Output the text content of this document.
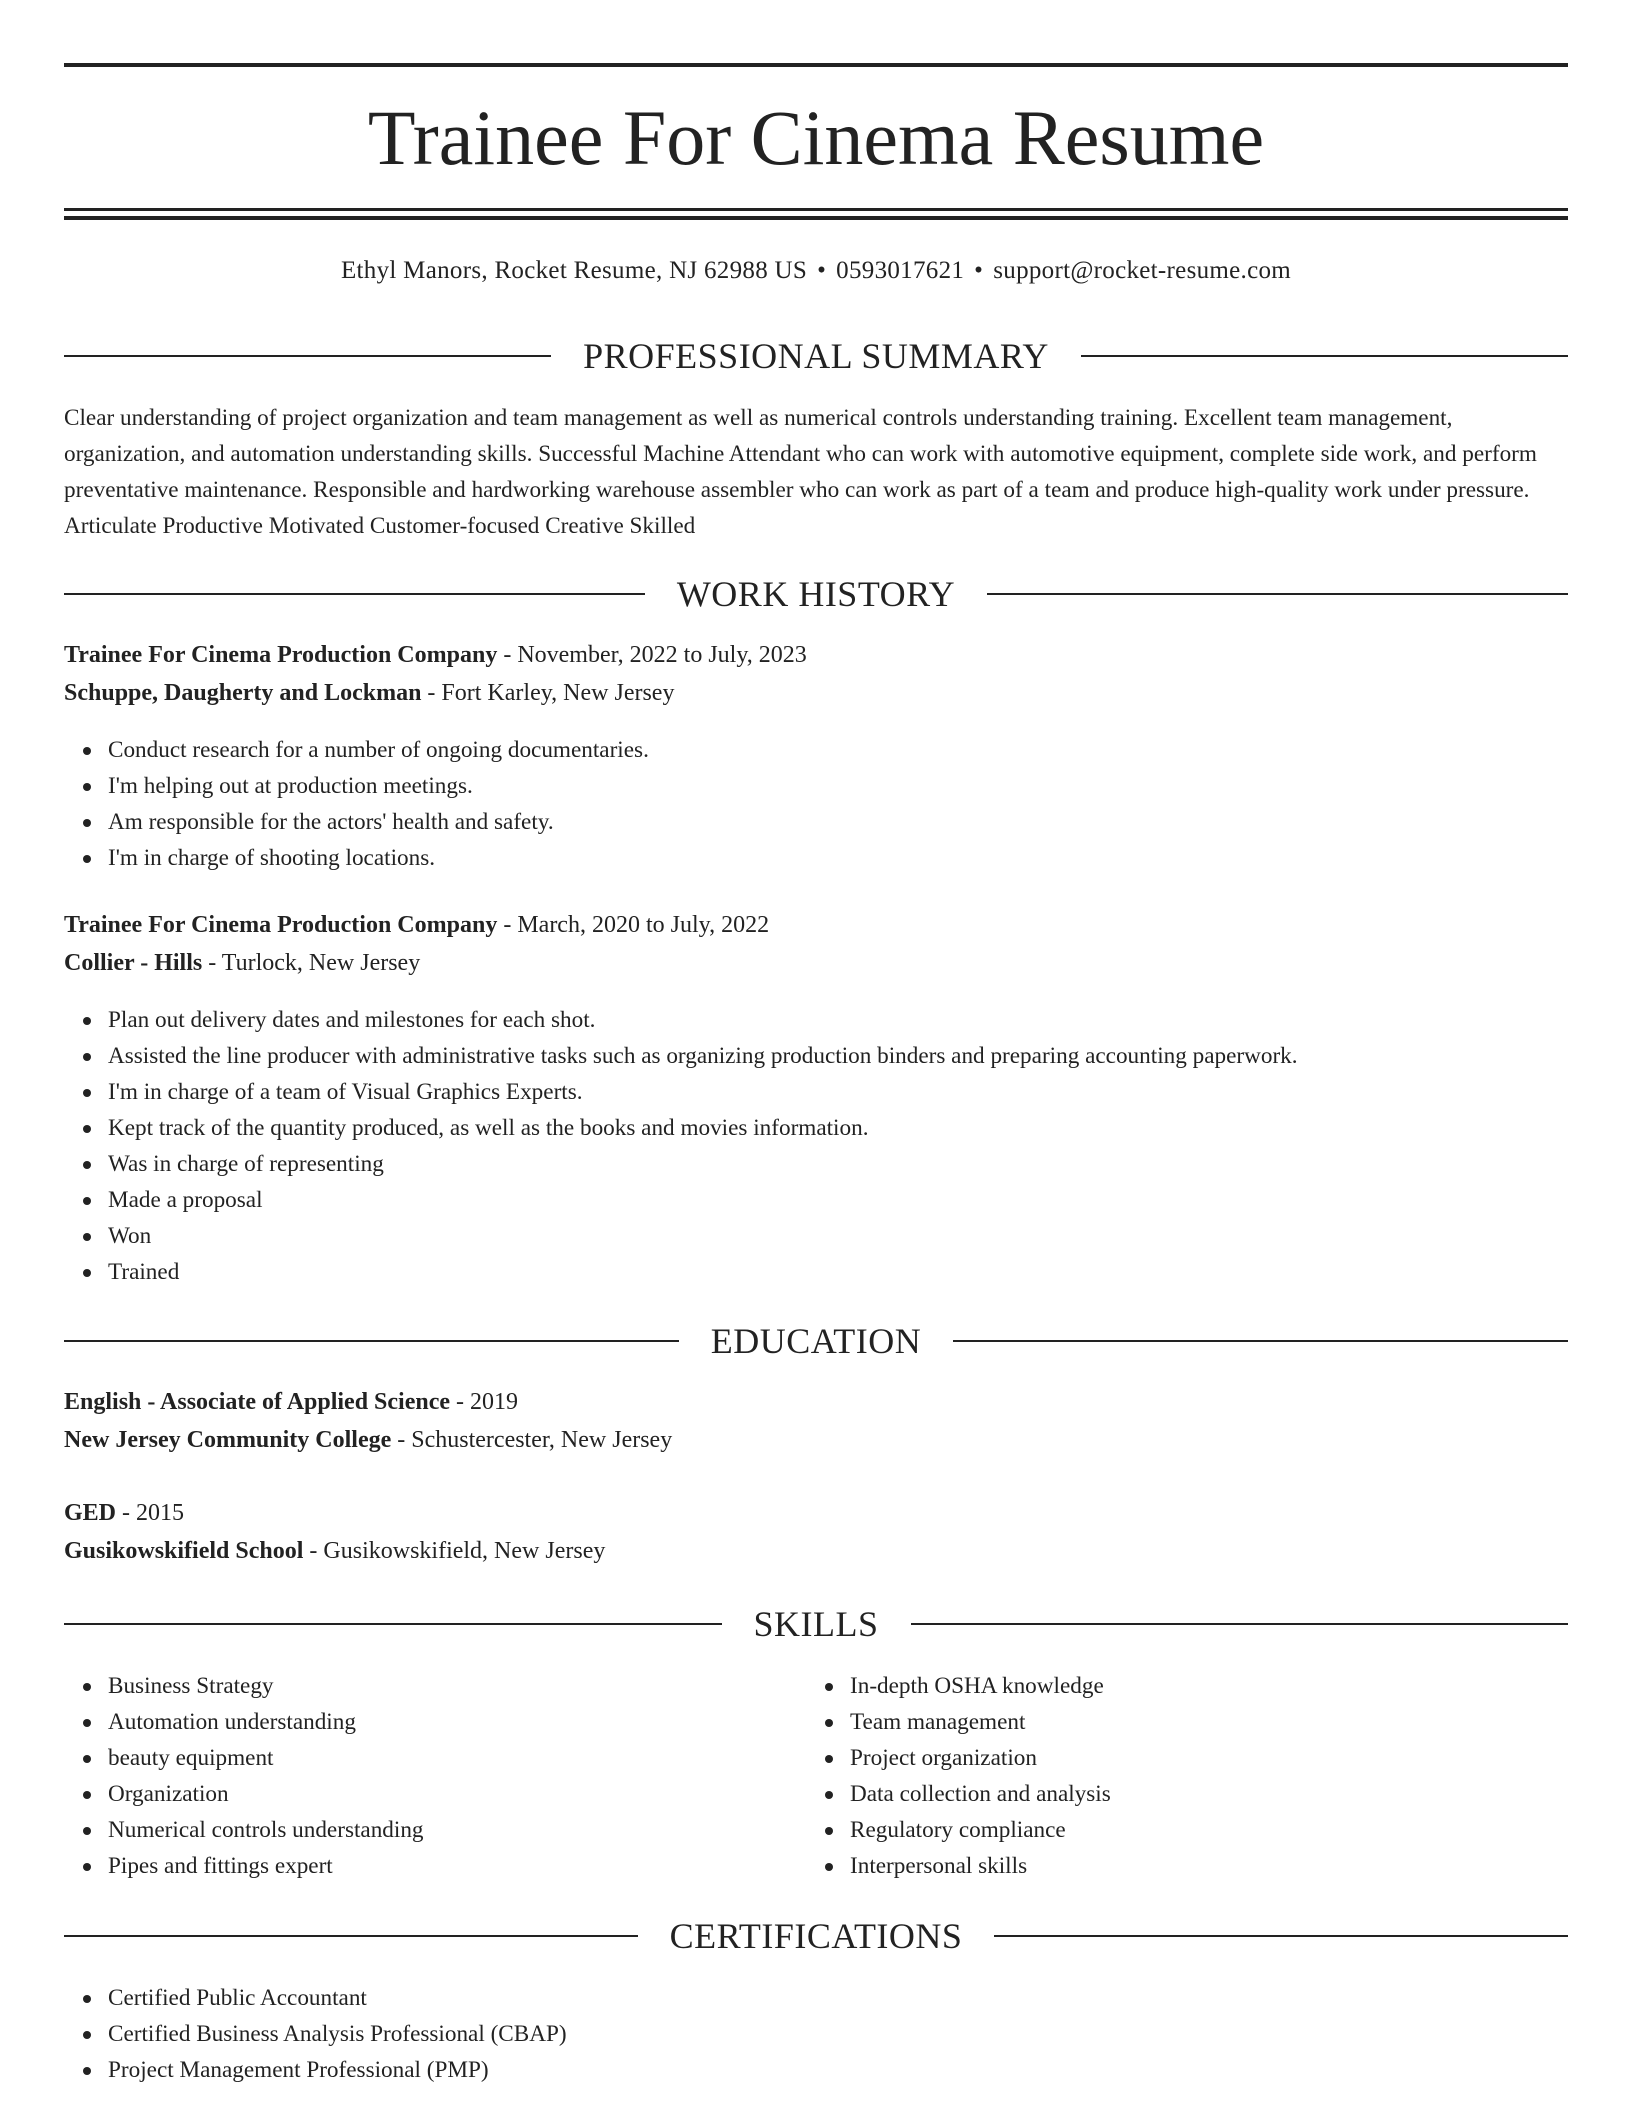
Trainee For Cinema Resume
Ethyl Manors, Rocket Resume, NJ 62988 US • 0593017621 • support@rocket-resume.com
PROFESSIONAL SUMMARY

Clear understanding of project organization and team management as well as numerical controls understanding training. Excellent team management, organization, and automation understanding skills. Successful Machine Attendant who can work with automotive equipment, complete side work, and perform preventative maintenance. Responsible and hardworking warehouse assembler who can work as part of a team and produce high-quality work under pressure. Articulate Productive Motivated Customer-focused Creative Skilled

WORK HISTORY
Trainee For Cinema Production Company - November, 2022 to July, 2023
Schuppe, Daugherty and Lockman - Fort Karley, New Jersey
Conduct research for a number of ongoing documentaries.
I'm helping out at production meetings.
Am responsible for the actors' health and safety.
I'm in charge of shooting locations.
Trainee For Cinema Production Company - March, 2020 to July, 2022
Collier - Hills - Turlock, New Jersey
Plan out delivery dates and milestones for each shot.
Assisted the line producer with administrative tasks such as organizing production binders and preparing accounting paperwork.
I'm in charge of a team of Visual Graphics Experts.
Kept track of the quantity produced, as well as the books and movies information.
Was in charge of representing
Made a proposal
Won
Trained
EDUCATION
English - Associate of Applied Science - 2019
New Jersey Community College - Schustercester, New Jersey
GED - 2015
Gusikowskifield School - Gusikowskifield, New Jersey
SKILLS
Business Strategy
Automation understanding
beauty equipment
Organization
Numerical controls understanding
Pipes and fittings expert
In-depth OSHA knowledge
Team management
Project organization
Data collection and analysis
Regulatory compliance
Interpersonal skills
CERTIFICATIONS
Certified Public Accountant
Certified Business Analysis Professional (CBAP)
Project Management Professional (PMP)
